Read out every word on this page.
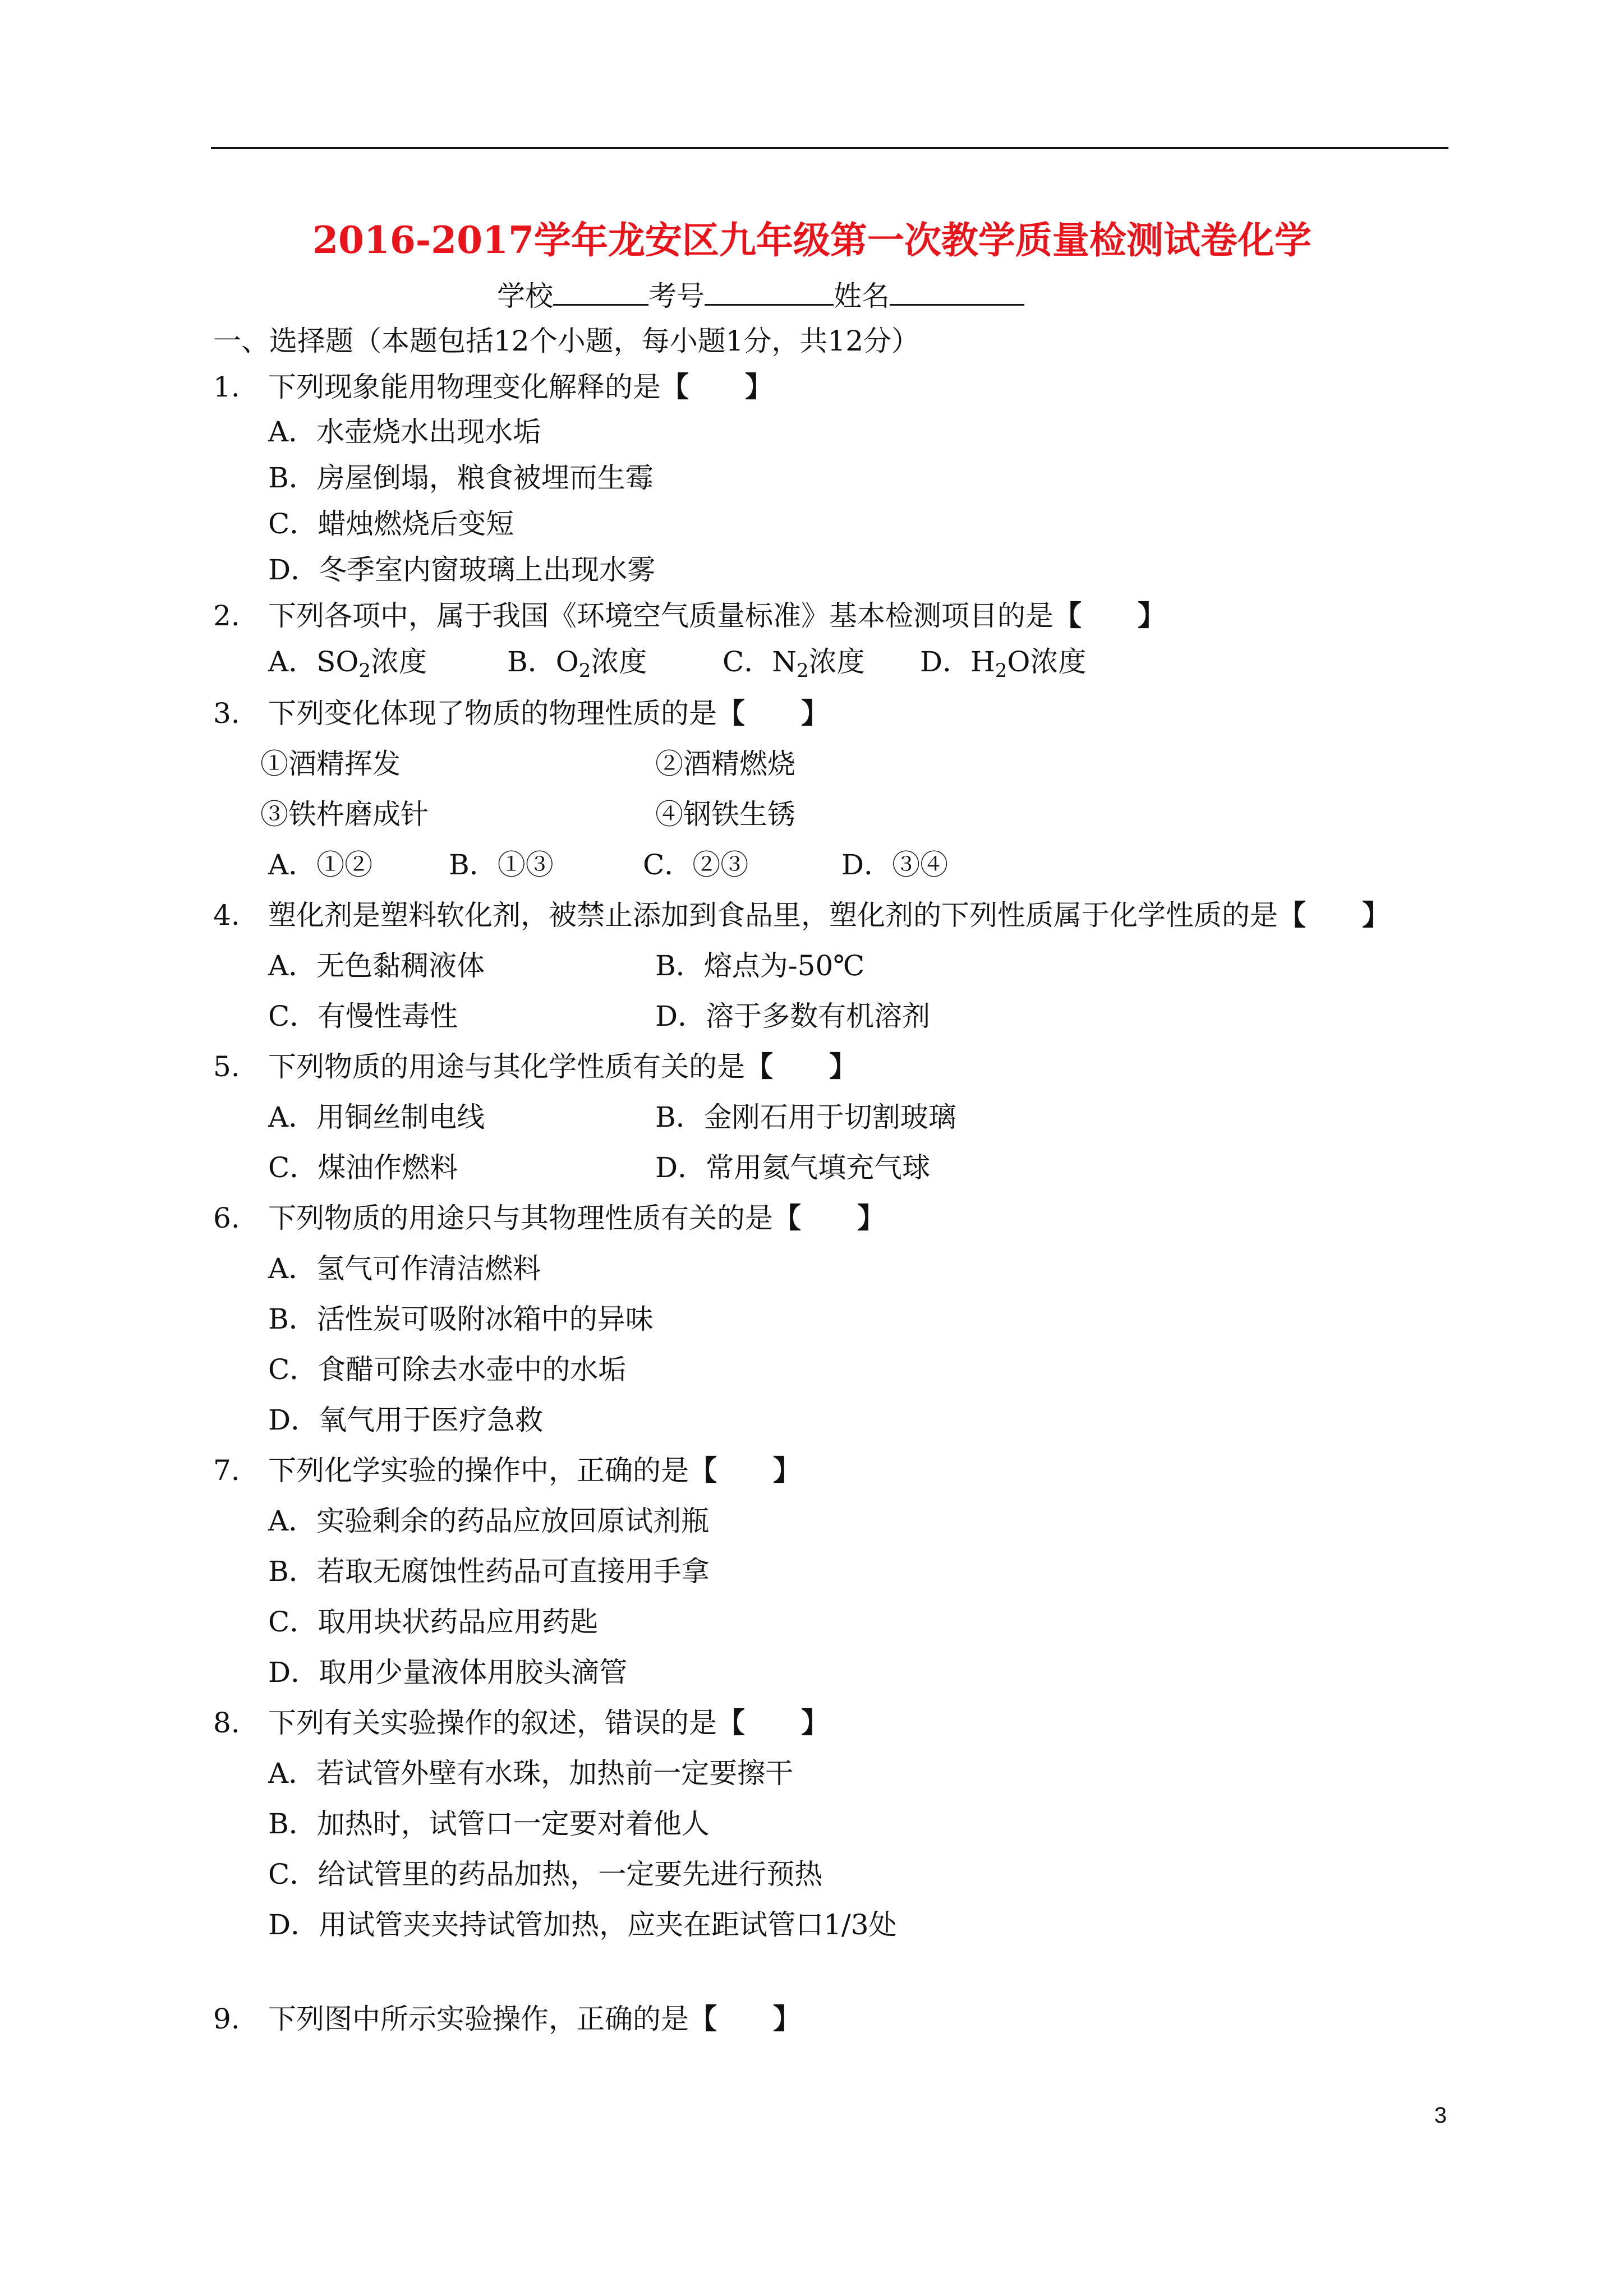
2016-2017学年龙安区九年级第一次教学质量检测试卷化学
学校	考号	姓名
一、选择题（本题包括12个小题，每小题1分，共12分）
1. 下列现象能用物理变化解释的是【　　】
A．水壶烧水出现水垢
B．房屋倒塌，粮食被埋而生霉
C．蜡烛燃烧后变短
D．冬季室内窗玻璃上出现水雾
2. 下列各项中，属于我国《环境空气质量标准》基本检测项目的是【　　】
A．$SO_2$浓度	B．$O_2$浓度	C．$N_2$浓度 D．$H_2O$浓度
3. 下列变化体现了物质的物理性质的是【　　】
①酒精挥发	②酒精燃烧
③铁杵磨成针	④钢铁生锈
A．①②	B．①③	C．②③	D．③④
4. 塑化剂是塑料软化剂，被禁止添加到食品里，塑化剂的下列性质属于化学性质的是【　　】
A．无色黏稠液体	B．熔点为-50℃
C．有慢性毒性	D．溶于多数有机溶剂
5. 下列物质的用途与其化学性质有关的是【　　】
A．用铜丝制电线	B．金刚石用于切割玻璃
C．煤油作燃料	D．常用氦气填充气球
6. 下列物质的用途只与其物理性质有关的是【　　】
A．氢气可作清洁燃料
B．活性炭可吸附冰箱中的异味
C．食醋可除去水壶中的水垢
D．氧气用于医疗急救
7. 下列化学实验的操作中，正确的是【　　】
A．实验剩余的药品应放回原试剂瓶
B．若取无腐蚀性药品可直接用手拿
C．取用块状药品应用药匙
D．取用少量液体用胶头滴管
8. 下列有关实验操作的叙述，错误的是【　　】
A．若试管外壁有水珠，加热前一定要擦干
B．加热时，试管口一定要对着他人
C．给试管里的药品加热，一定要先进行预热
D．用试管夹夹持试管加热，应夹在距试管口1/3处
9. 下列图中所示实验操作，正确的是【　　】
3
